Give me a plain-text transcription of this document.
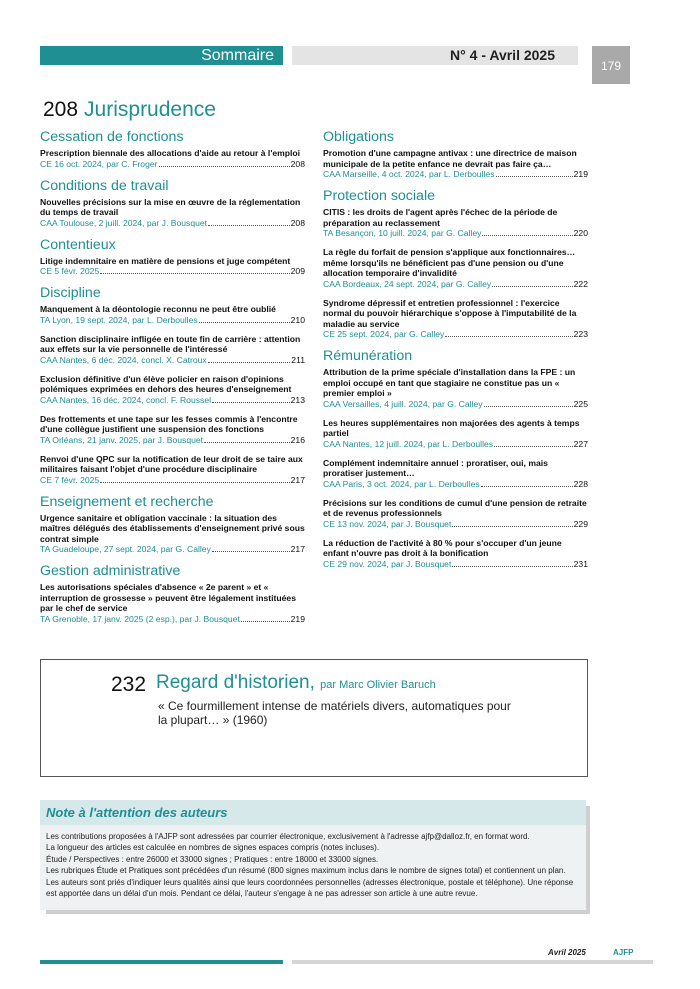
Sommaire	N° 4 - Avril 2025
179
208 Jurisprudence
Cessation de fonctions
Prescription biennale des allocations d'aide au retour à l'emploi
CE 16 oct. 2024, par C. Froger	208
Conditions de travail
Nouvelles précisions sur la mise en œuvre de la réglementation du temps de travail
CAA Toulouse, 2 juill. 2024, par J. Bousquet	208
Contentieux
Litige indemnitaire en matière de pensions et juge compétent
CE 5 févr. 2025	209
Discipline
Manquement à la déontologie reconnu ne peut être oublié
TA Lyon, 19 sept. 2024, par L. Derboulles	210
Sanction disciplinaire infligée en toute fin de carrière : attention aux effets sur la vie personnelle de l'intéressé
CAA Nantes, 6 déc. 2024, concl. X. Catroux	211
Exclusion définitive d'un élève policier en raison d'opinions polémiques exprimées en dehors des heures d'enseignement
CAA Nantes, 16 déc. 2024, concl. F. Roussel	213
Des frottements et une tape sur les fesses commis à l'encontre d'une collègue justifient une suspension des fonctions
TA Orléans, 21 janv. 2025, par J. Bousquet	216
Renvoi d'une QPC sur la notification de leur droit de se taire aux militaires faisant l'objet d'une procédure disciplinaire
CE 7 févr. 2025	217
Enseignement et recherche
Urgence sanitaire et obligation vaccinale : la situation des maîtres délégués des établissements d'enseignement privé sous contrat simple
TA Guadeloupe, 27 sept. 2024, par G. Calley	217
Gestion administrative
Les autorisations spéciales d'absence « 2e parent » et « interruption de grossesse » peuvent être légalement instituées par le chef de service
TA Grenoble, 17 janv. 2025 (2 esp.), par J. Bousquet	219
Obligations
Promotion d'une campagne antivax : une directrice de maison municipale de la petite enfance ne devrait pas faire ça…
CAA Marseille, 4 oct. 2024, par L. Derboulles	219
Protection sociale
CITIS : les droits de l'agent après l'échec de la période de préparation au reclassement
TA Besançon, 10 juill. 2024, par G. Calley	220
La règle du forfait de pension s'applique aux fonctionnaires… même lorsqu'ils ne bénéficient pas d'une pension ou d'une allocation temporaire d'invalidité
CAA Bordeaux, 24 sept. 2024, par G. Calley	222
Syndrome dépressif et entretien professionnel : l'exercice normal du pouvoir hiérarchique s'oppose à l'imputabilité de la maladie au service
CE 25 sept. 2024, par G. Calley	223
Rémunération
Attribution de la prime spéciale d'installation dans la FPE : un emploi occupé en tant que stagiaire ne constitue pas un « premier emploi »
CAA Versailles, 4 juill. 2024, par G. Calley	225
Les heures supplémentaires non majorées des agents à temps partiel
CAA Nantes, 12 juill. 2024, par L. Derboulles	227
Complément indemnitaire annuel : proratiser, oui, mais proratiser justement…
CAA Paris, 3 oct. 2024, par L. Derboulles	228
Précisions sur les conditions de cumul d'une pension de retraite et de revenus professionnels
CE 13 nov. 2024, par J. Bousquet	229
La réduction de l'activité à 80 % pour s'occuper d'un jeune enfant n'ouvre pas droit à la bonification
CE 29 nov. 2024, par J. Bousquet	231
232 Regard d'historien, par Marc Olivier Baruch
« Ce fourmillement intense de matériels divers, automatiques pour la plupart… » (1960)
Note à l'attention des auteurs
Les contributions proposées à l'AJFP sont adressées par courrier électronique, exclusivement à l'adresse ajfp@dalloz.fr, en format word.
La longueur des articles est calculée en nombres de signes espaces compris (notes incluses).
Étude / Perspectives : entre 26000 et 33000 signes ; Pratiques : entre 18000 et 33000 signes.
Les rubriques Étude et Pratiques sont précédées d'un résumé (800 signes maximum inclus dans le nombre de signes total) et contiennent un plan.
Les auteurs sont priés d'indiquer leurs qualités ainsi que leurs coordonnées personnelles (adresses électronique, postale et téléphone). Une réponse est apportée dans un délai d'un mois. Pendant ce délai, l'auteur s'engage à ne pas adresser son article à une autre revue.
Avril 2025	AJFP
